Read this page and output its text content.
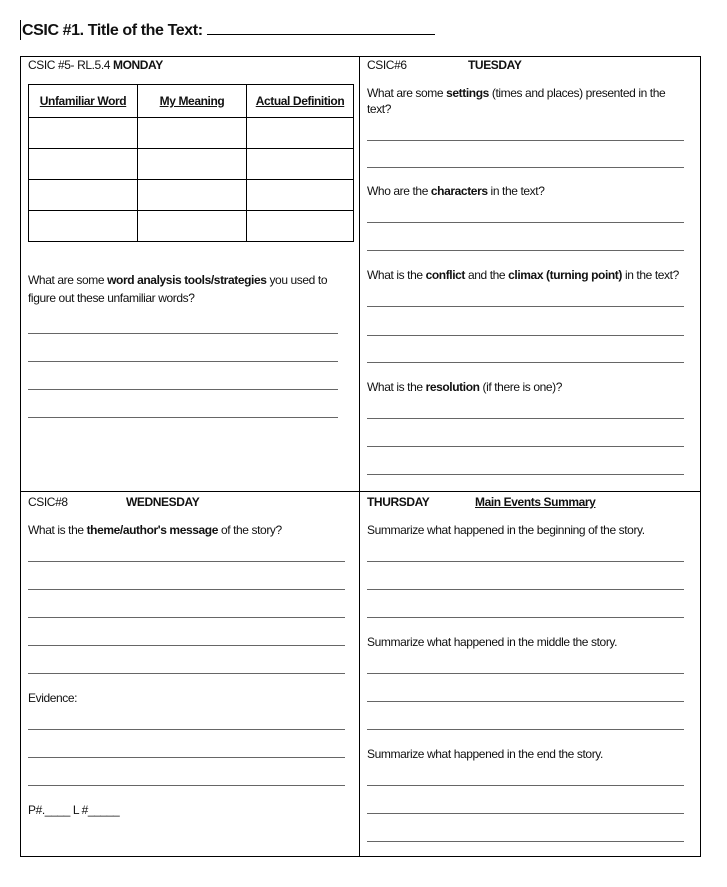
CSIC #1. Title of the Text:
CSIC #5- RL.5.4 MONDAY
Unfamiliar Word	My Meaning	Actual Definition

What are some word analysis tools/strategies you used to
figure out these unfamiliar words?
CSIC#6	TUESDAY
What are some settings (times and places) presented in the
text?
Who are the characters in the text?
What is the conflict and the climax (turning point) in the text?
What is the resolution (if there is one)?
CSIC#8	WEDNESDAY
What is the theme/author's message of the story?
Evidence:
P#.____ L #_____
THURSDAY	Main Events Summary
Summarize what happened in the beginning of the story.
Summarize what happened in the middle the story.
Summarize what happened in the end the story.
